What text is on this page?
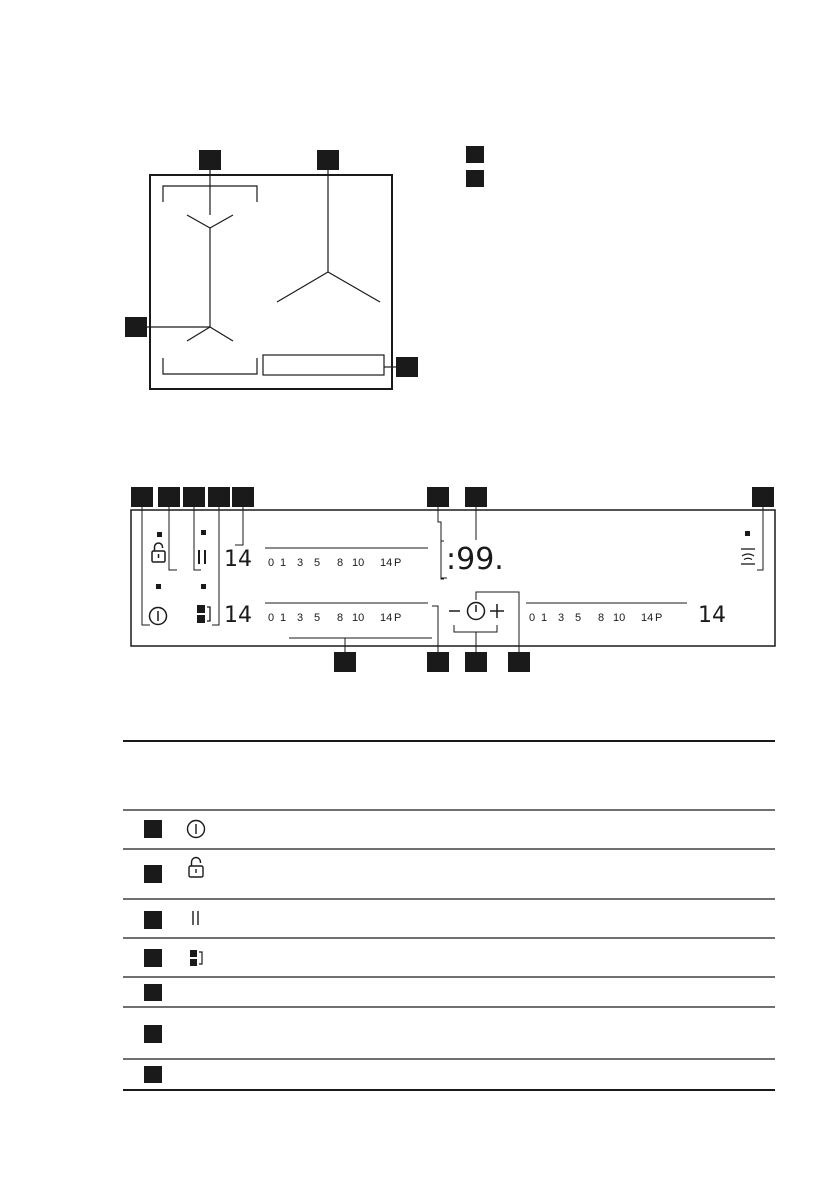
14
14
0 1 3 5 8 10 14 P
0 1 3 5 8 10 14 P	0 1 3 5 8 10 14 P
:99.
14
